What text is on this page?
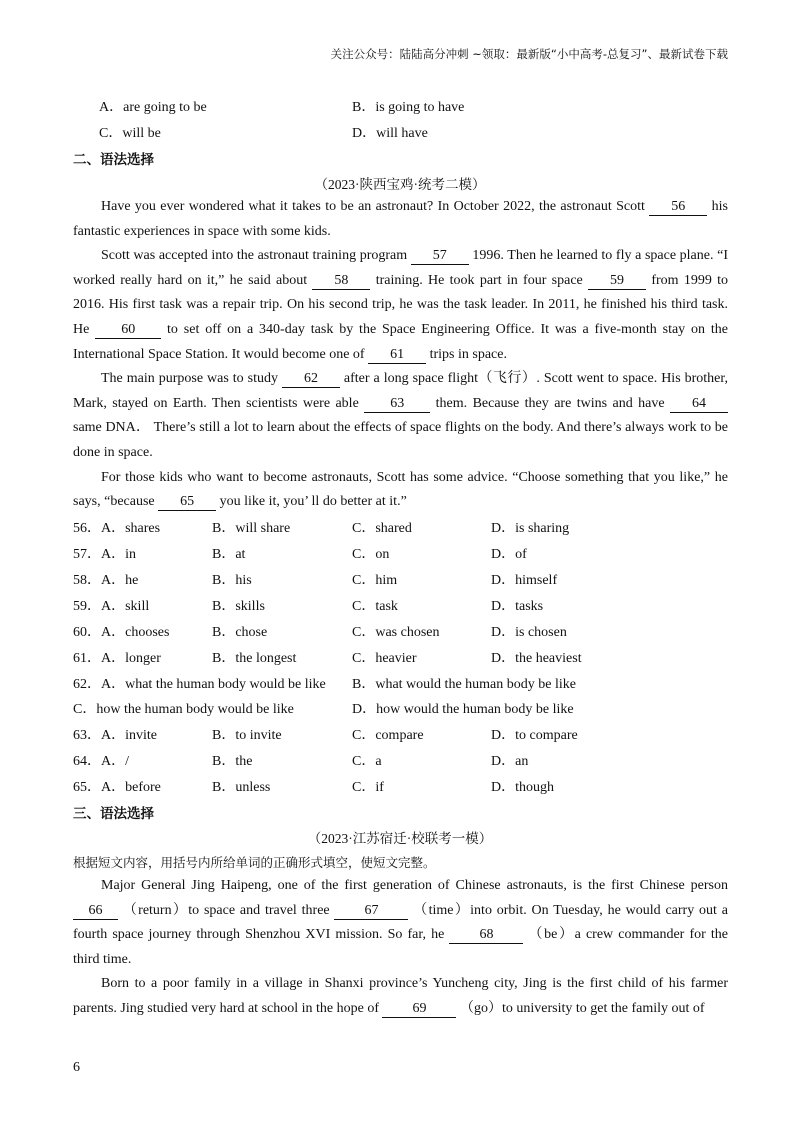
关注公众号：陆陆高分冲刺 ~领取：最新版“小中高考-总复习”、最新试卷下载
A．are going to be	B．is going to have
C．will be	D．will have
二、语法选择
（2023·陕西宝鸡·统考二模）

Have you ever wondered what it takes to be an astronaut? In October 2022, the astronaut Scott 56 his fantastic experiences in space with some kids.

Scott was accepted into the astronaut training program 57 1996. Then he learned to fly a space plane. “I worked really hard on it,” he said about 58 training. He took part in four space 59 from 1999 to 2016. His first task was a repair trip. On his second trip, he was the task leader. In 2011, he finished his third task. He 60 to set off on a 340-day task by the Space Engineering Office. It was a five-month stay on the International Space Station. It would become one of 61 trips in space.

The main purpose was to study 62 after a long space flight（飞行）. Scott went to space. His brother, Mark, stayed on Earth. Then scientists were able 63 them. Because they are twins and have 64 same DNA． There’s still a lot to learn about the effects of space flights on the body. And there’s always work to be done in space.

For those kids who want to become astronauts, Scott has some advice. “Choose something that you like,” he says, “because 65 you like it, you’ ll do better at it.”

56．A．shares	B．will share	C．shared	D．is sharing
57．A．in	B．at	C．on	D．of
58．A．he	B．his	C．him	D．himself
59．A．skill	B．skills	C．task	D．tasks
60．A．chooses	B．chose	C．was chosen	D．is chosen
61．A．longer	B．the longest	C．heavier	D．the heaviest
62．A．what the human body would be like B．what would the human body be like
C．how the human body would be like	D．how would the human body be like
63．A．invite	B．to invite	C．compare	D．to compare
64．A．/	B．the	C．a	D．an
65．A．before	B．unless	C．if	D．though
三、语法选择
（2023·江苏宿迁·校联考一模）
根据短文内容，用括号内所给单词的正确形式填空，使短文完整。

Major General Jing Haipeng, one of the first generation of Chinese astronauts, is the first Chinese person 66 （return）to space and travel three 67 （time）into orbit. On Tuesday, he would carry out a fourth space journey through Shenzhou XVI mission. So far, he 68 （be）a crew commander for the third time.

Born to a poor family in a village in Shanxi province’s Yuncheng city, Jing is the first child of his farmer parents. Jing studied very hard at school in the hope of 69 （go）to university to get the family out of

6
